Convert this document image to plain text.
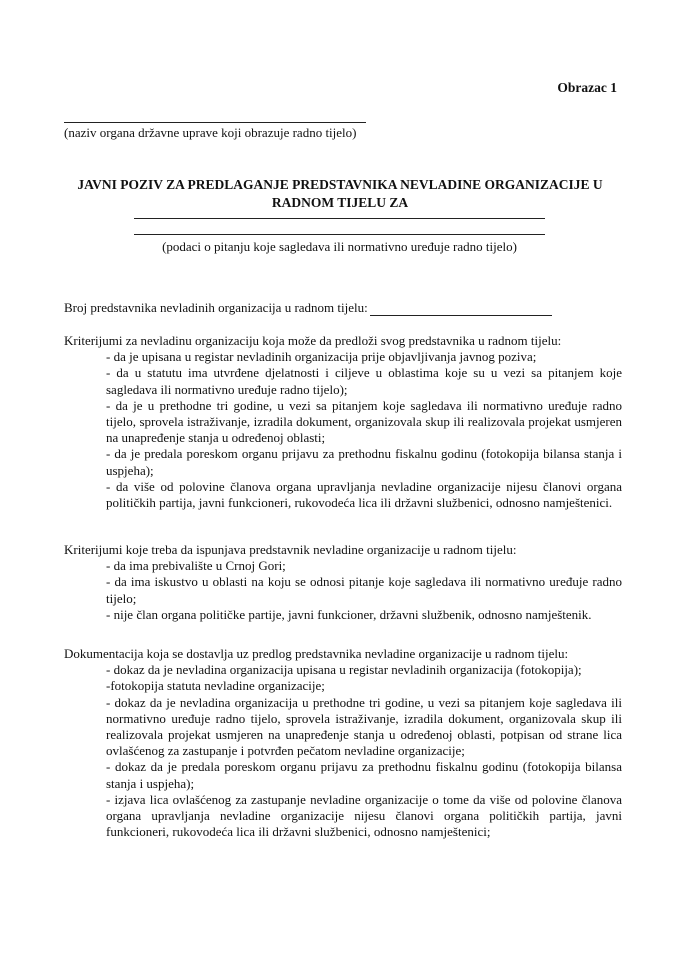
Obrazac 1
(naziv organa državne uprave koji obrazuje radno tijelo)
JAVNI POZIV ZA PREDLAGANJE PREDSTAVNIKA NEVLADINE ORGANIZACIJE U
RADNOM TIJELU ZA
(podaci o pitanju koje sagledava ili normativno uređuje radno tijelo)
Broj predstavnika nevladinih organizacija u radnom tijelu:

Kriterijumi za nevladinu organizaciju koja može da predloži svog predstavnika u radnom tijelu:

- da je upisana u registar nevladinih organizacija prije objavljivanja javnog poziva;
- da u statutu ima utvrđene djelatnosti i ciljeve u oblastima koje su u vezi sa pitanjem koje sagledava ili normativno uređuje radno tijelo);
- da je u prethodne tri godine, u vezi sa pitanjem koje sagledava ili normativno uređuje radno tijelo, sprovela istraživanje, izradila dokument, organizovala skup ili realizovala projekat usmjeren na unapređenje stanja u određenoj oblasti;
- da je predala poreskom organu prijavu za prethodnu fiskalnu godinu (fotokopija bilansa stanja i uspjeha);
- da više od polovine članova organa upravljanja nevladine organizacije nijesu članovi organa političkih partija, javni funkcioneri, rukovodeća lica ili državni službenici, odnosno namještenici.

Kriterijumi koje treba da ispunjava predstavnik nevladine organizacije u radnom tijelu:

- da ima prebivalište u Crnoj Gori;
- da ima iskustvo u oblasti na koju se odnosi pitanje koje sagledava ili normativno uređuje radno tijelo;
- nije član organa političke partije, javni funkcioner, državni službenik, odnosno namještenik.

Dokumentacija koja se dostavlja uz predlog predstavnika nevladine organizacije u radnom tijelu:

- dokaz da je nevladina organizacija upisana u registar nevladinih organizacija (fotokopija);
-fotokopija statuta nevladine organizacije;
- dokaz da je nevladina organizacija u prethodne tri godine, u vezi sa pitanjem koje sagledava ili normativno uređuje radno tijelo, sprovela istraživanje, izradila dokument, organizovala skup ili realizovala projekat usmjeren na unapređenje stanja u određenoj oblasti, potpisan od strane lica ovlašćenog za zastupanje i potvrđen pečatom nevladine organizacije;
- dokaz da je predala poreskom organu prijavu za prethodnu fiskalnu godinu (fotokopija bilansa stanja i uspjeha);
- izjava lica ovlašćenog za zastupanje nevladine organizacije o tome da više od polovine članova organa upravljanja nevladine organizacije nijesu članovi organa političkih partija, javni funkcioneri, rukovodeća lica ili državni službenici, odnosno namještenici;
